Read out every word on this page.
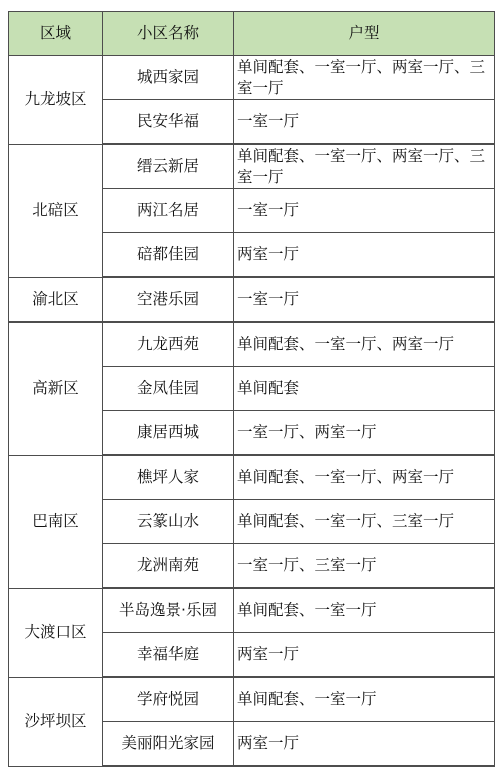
区域	小区名称	户型
九龙坡区	城西家园	单间配套、一室一厅、两室一厅、三室一厅
	民安华福	一室一厅
北碚区	缙云新居	单间配套、一室一厅、两室一厅、三室一厅
	两江名居	一室一厅
	碚都佳园	两室一厅
渝北区	空港乐园	一室一厅
高新区	九龙西苑	单间配套、一室一厅、两室一厅
	金凤佳园	单间配套
	康居西城	一室一厅、两室一厅
巴南区	樵坪人家	单间配套、一室一厅、两室一厅
	云篆山水	单间配套、一室一厅、三室一厅
	龙洲南苑	一室一厅、三室一厅
大渡口区	半岛逸景·乐园	单间配套、一室一厅
	幸福华庭	两室一厅
沙坪坝区	学府悦园	单间配套、一室一厅
	美丽阳光家园	两室一厅
